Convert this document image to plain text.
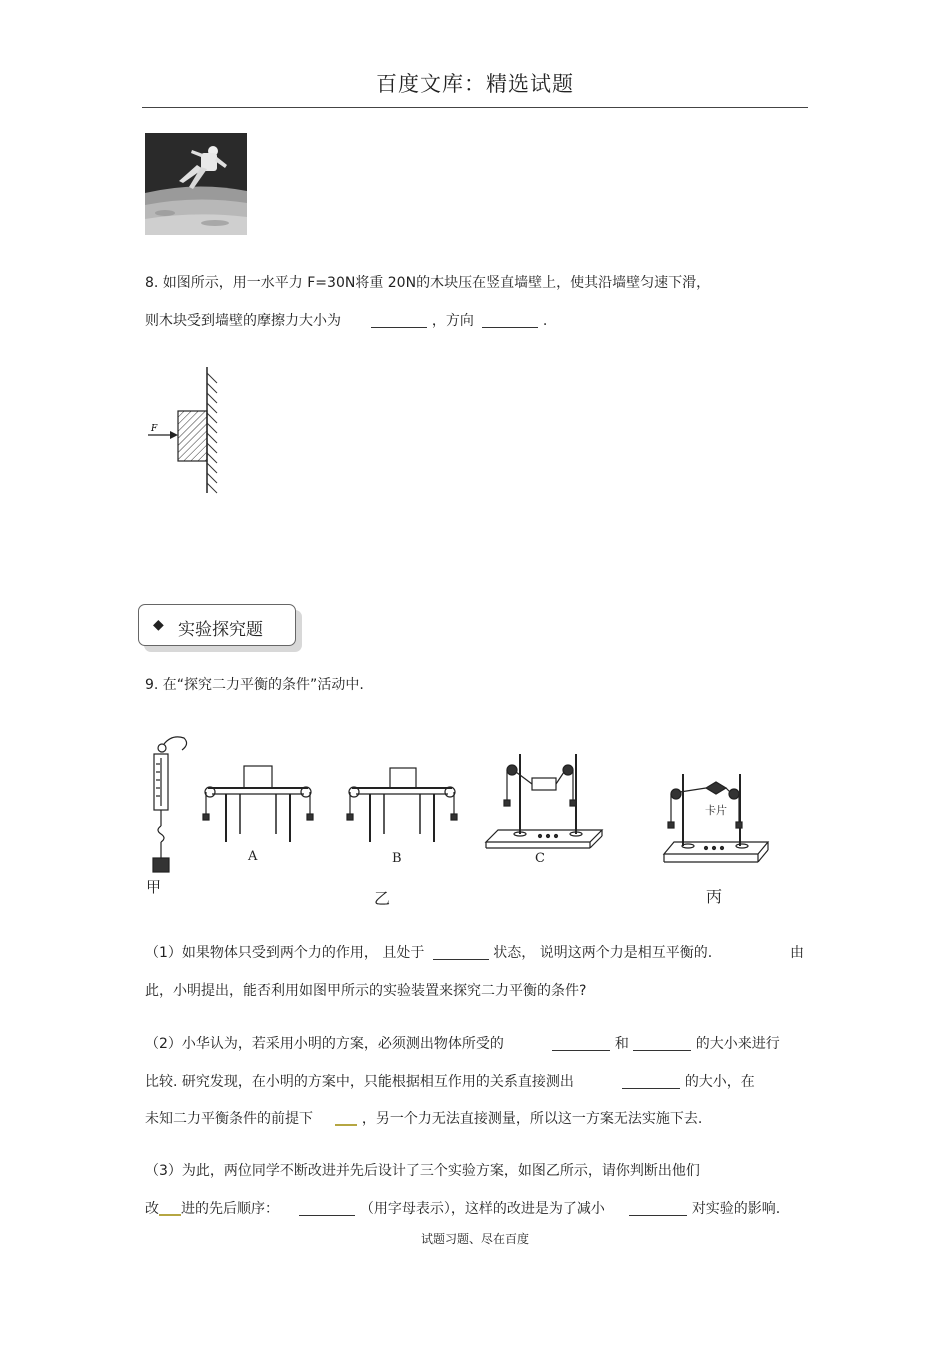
百度文库：精选试题
8. 如图所示，用一水平力 F=30N将重 20N的木块压在竖直墙壁上，使其沿墙壁匀速下滑，
则木块受到墙壁的摩擦力大小为	，方向	.
F
◆ 实验探究题
9. 在“探究二力平衡的条件”活动中.
甲
A	B	C
卡片
丙
乙
（1）如果物体只受到两个力的作用， 且处于	状态， 说明这两个力是相互平衡的.	由
此，小明提出，能否利用如图甲所示的实验装置来探究二力平衡的条件?
（2）小华认为，若采用小明的方案，必须测出物体所受的	和	的大小来进行
比较. 研究发现，在小明的方案中，只能根据相互作用的关系直接测出	的大小，在
未知二力平衡条件的前提下	，另一个力无法直接测量，所以这一方案无法实施下去.
（3）为此，两位同学不断改进并先后设计了三个实验方案，如图乙所示，请你判断出他们
改 进的先后顺序：	（用字母表示），这样的改进是为了减小	对实验的影响.
试题习题、尽在百度
